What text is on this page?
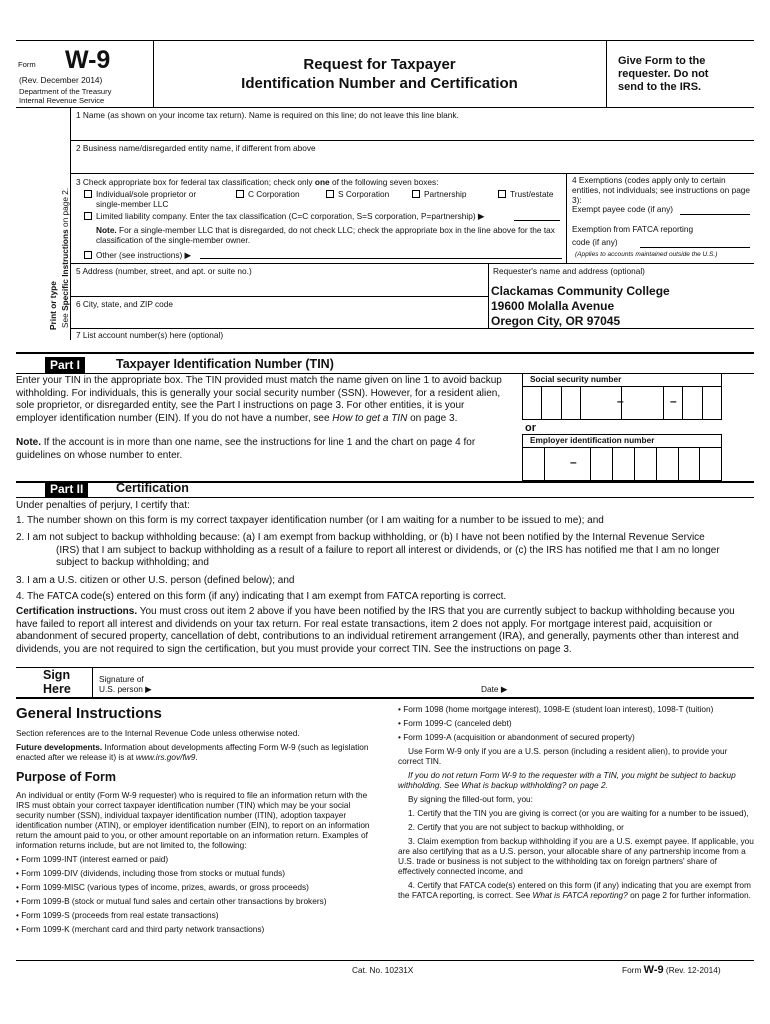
Form W-9
(Rev. December 2014)
Department of the Treasury
Internal Revenue Service
Request for Taxpayer
Identification Number and Certification
Give Form to the
requester. Do not
send to the IRS.
Print or type See Specific Instructions on page 2.
1 Name (as shown on your income tax return). Name is required on this line; do not leave this line blank.
2 Business name/disregarded entity name, if different from above
3 Check appropriate box for federal tax classification; check only one of the following seven boxes:
Individual/sole proprietor or
single-member LLC
C Corporation	S Corporation	Partnership	Trust/estate
Limited liability company. Enter the tax classification (C=C corporation, S=S corporation, P=partnership) ▶
Note. For a single-member LLC that is disregarded, do not check LLC; check the appropriate box in the line above for the tax classification of the single-member owner.
Other (see instructions) ▶
4 Exemptions (codes apply only to certain entities, not individuals; see instructions on page 3):
Exempt payee code (if any)
Exemption from FATCA reporting
code (if any)
(Applies to accounts maintained outside the U.S.)
5 Address (number, street, and apt. or suite no.)	Requester's name and address (optional)
Clackamas Community College
19600 Molalla Avenue
Oregon City, OR 97045
6 City, state, and ZIP code
7 List account number(s) here (optional)
Part I	Taxpayer Identification Number (TIN)
Enter your TIN in the appropriate box. The TIN provided must match the name given on line 1 to avoid backup withholding. For individuals, this is generally your social security number (SSN). However, for a resident alien, sole proprietor, or disregarded entity, see the Part I instructions on page 3. For other entities, it is your employer identification number (EIN). If you do not have a number, see How to get a TIN on page 3.
Note. If the account is in more than one name, see the instructions for line 1 and the chart on page 4 for guidelines on whose number to enter.
Social security number
–	–
or
Employer identification number
–
Part II	Certification
Under penalties of perjury, I certify that:
1. The number shown on this form is my correct taxpayer identification number (or I am waiting for a number to be issued to me); and
2. I am not subject to backup withholding because: (a) I am exempt from backup withholding, or (b) I have not been notified by the Internal Revenue Service (IRS) that I am subject to backup withholding as a result of a failure to report all interest or dividends, or (c) the IRS has notified me that I am no longer subject to backup withholding; and
3. I am a U.S. citizen or other U.S. person (defined below); and
4. The FATCA code(s) entered on this form (if any) indicating that I am exempt from FATCA reporting is correct.
Certification instructions. You must cross out item 2 above if you have been notified by the IRS that you are currently subject to backup withholding because you have failed to report all interest and dividends on your tax return. For real estate transactions, item 2 does not apply. For mortgage interest paid, acquisition or abandonment of secured property, cancellation of debt, contributions to an individual retirement arrangement (IRA), and generally, payments other than interest and dividends, you are not required to sign the certification, but you must provide your correct TIN. See the instructions on page 3.
Sign
Here
Signature of
U.S. person ▶	Date ▶
General Instructions

Section references are to the Internal Revenue Code unless otherwise noted.

Future developments. Information about developments affecting Form W-9 (such as legislation enacted after we release it) is at www.irs.gov/fw9.

Purpose of Form

An individual or entity (Form W-9 requester) who is required to file an information return with the IRS must obtain your correct taxpayer identification number (TIN) which may be your social security number (SSN), individual taxpayer identification number (ITIN), adoption taxpayer identification number (ATIN), or employer identification number (EIN), to report on an information return the amount paid to you, or other amount reportable on an information return. Examples of information returns include, but are not limited to, the following:

• Form 1099-INT (interest earned or paid)

• Form 1099-DIV (dividends, including those from stocks or mutual funds)

• Form 1099-MISC (various types of income, prizes, awards, or gross proceeds)

• Form 1099-B (stock or mutual fund sales and certain other transactions by brokers)

• Form 1099-S (proceeds from real estate transactions)

• Form 1099-K (merchant card and third party network transactions)

• Form 1098 (home mortgage interest), 1098-E (student loan interest), 1098-T (tuition)

• Form 1099-C (canceled debt)

• Form 1099-A (acquisition or abandonment of secured property)

Use Form W-9 only if you are a U.S. person (including a resident alien), to provide your correct TIN.

If you do not return Form W-9 to the requester with a TIN, you might be subject to backup withholding. See What is backup withholding? on page 2.

By signing the filled-out form, you:

1. Certify that the TIN you are giving is correct (or you are waiting for a number to be issued),

2. Certify that you are not subject to backup withholding, or

3. Claim exemption from backup withholding if you are a U.S. exempt payee. If applicable, you are also certifying that as a U.S. person, your allocable share of any partnership income from a U.S. trade or business is not subject to the withholding tax on foreign partners' share of effectively connected income, and

4. Certify that FATCA code(s) entered on this form (if any) indicating that you are exempt from the FATCA reporting, is correct. See What is FATCA reporting? on page 2 for further information.

Cat. No. 10231X	Form W-9 (Rev. 12-2014)
